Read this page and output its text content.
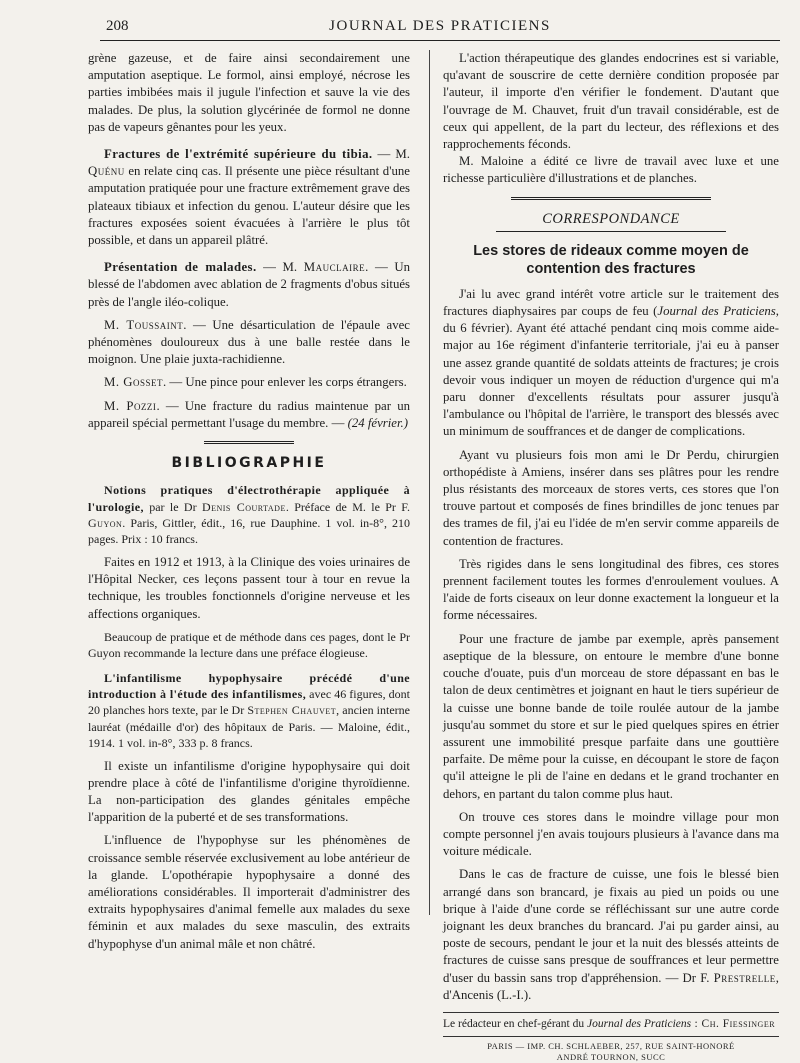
208	JOURNAL DES PRATICIENS

grène gazeuse, et de faire ainsi secondairement une amputation aseptique. Le formol, ainsi employé, nécrose les parties imbibées mais il jugule l'infection et sauve la vie des malades. De plus, la solution glycérinée de formol ne donne pas de vapeurs gênantes pour les yeux.

Fractures de l'extrémité supérieure du tibia. — M. Quénu en relate cinq cas. Il présente une pièce résultant d'une amputation pratiquée pour une fracture extrêmement grave des plateaux tibiaux et infection du genou. L'auteur désire que les fractures exposées soient évacuées à l'arrière le plus tôt possible, et dans un appareil plâtré.

Présentation de malades. — M. Mauclaire. — Un blessé de l'abdomen avec ablation de 2 fragments d'obus situés près de l'angle iléo-colique.

M. Toussaint. — Une désarticulation de l'épaule avec phénomènes douloureux dus à une balle restée dans le moignon. Une plaie juxta-rachidienne.

M. Gosset. — Une pince pour enlever les corps étrangers.

M. Pozzi. — Une fracture du radius maintenue par un appareil spécial permettant l'usage du membre. — (24 février.)

BIBLIOGRAPHIE

Notions pratiques d'électrothérapie appliquée à l'urologie, par le Dr Denis Courtade. Préface de M. le Pr F. Guyon. Paris, Gittler, édit., 16, rue Dauphine. 1 vol. in-8°, 210 pages. Prix : 10 francs.

Faites en 1912 et 1913, à la Clinique des voies urinaires de l'Hôpital Necker, ces leçons passent tour à tour en revue la technique, les troubles fonctionnels d'origine nerveuse et les affections organiques.

Beaucoup de pratique et de méthode dans ces pages, dont le Pr Guyon recommande la lecture dans une préface élogieuse.

L'infantilisme hypophysaire précédé d'une introduction à l'étude des infantilismes, avec 46 figures, dont 20 planches hors texte, par le Dr Stephen Chauvet, ancien interne lauréat (médaille d'or) des hôpitaux de Paris. — Maloine, édit., 1914. 1 vol. in-8°, 333 p. 8 francs.

Il existe un infantilisme d'origine hypophysaire qui doit prendre place à côté de l'infantilisme d'origine thyroïdienne. La non-participation des glandes génitales empêche l'apparition de la puberté et de ses transformations.

L'influence de l'hypophyse sur les phénomènes de croissance semble réservée exclusivement au lobe antérieur de la glande. L'opothérapie hypophysaire a donné des améliorations considérables. Il importerait d'administrer des extraits hypophysaires d'animal femelle aux malades du sexe féminin et aux malades du sexe masculin, des extraits d'hypophyse d'un animal mâle et non châtré.

L'action thérapeutique des glandes endocrines est si variable, qu'avant de souscrire de cette dernière condition proposée par l'auteur, il importe d'en vérifier le fondement. D'autant que l'ouvrage de M. Chauvet, fruit d'un travail considérable, est de ceux qui appellent, de la part du lecteur, des réflexions et des rapprochements féconds.

M. Maloine a édité ce livre de travail avec luxe et une richesse particulière d'illustrations et de planches.

CORRESPONDANCE
Les stores de rideaux comme moyen de contention des fractures

J'ai lu avec grand intérêt votre article sur le traitement des fractures diaphysaires par coups de feu (Journal des Praticiens, du 6 février). Ayant été attaché pendant cinq mois comme aide-major au 16e régiment d'infanterie territoriale, j'ai eu à panser une assez grande quantité de soldats atteints de fractures; je crois devoir vous indiquer un moyen de réduction d'urgence qui m'a paru donner d'excellents résultats pour assurer jusqu'à l'ambulance ou l'hôpital de l'arrière, le transport des blessés avec un minimum de souffrances et de danger de complications.

Ayant vu plusieurs fois mon ami le Dr Perdu, chirurgien orthopédiste à Amiens, insérer dans ses plâtres pour les rendre plus résistants des morceaux de stores verts, ces stores que l'on trouve partout et composés de fines brindilles de jonc tenues par des trames de fil, j'ai eu l'idée de m'en servir comme appareils de contention de fractures.

Très rigides dans le sens longitudinal des fibres, ces stores prennent facilement toutes les formes d'enroulement voulues. A l'aide de forts ciseaux on leur donne exactement la longueur et la forme nécessaires.

Pour une fracture de jambe par exemple, après pansement aseptique de la blessure, on entoure le membre d'une bonne couche d'ouate, puis d'un morceau de store dépassant en bas le talon de deux centimètres et joignant en haut le tiers supérieur de la cuisse une bonne bande de toile roulée autour de la jambe jusqu'au sommet du store et sur le pied quelques spires en étrier assurent une immobilité presque parfaite dans une gouttière parfaite. De même pour la cuisse, en découpant le store de façon qu'il atteigne le pli de l'aine en dedans et le grand trochanter en dehors, en partant du talon comme plus haut.

On trouve ces stores dans le moindre village pour mon compte personnel j'en avais toujours plusieurs à l'avance dans ma voiture médicale.

Dans le cas de fracture de cuisse, une fois le blessé bien arrangé dans son brancard, je fixais au pied un poids ou une brique à l'aide d'une corde se réfléchissant sur une autre corde joignant les deux branches du brancard. J'ai pu garder ainsi, au poste de secours, pendant le jour et la nuit des blessés atteints de fractures de cuisse sans presque de souffrances et leur permettre d'user du bassin sans trop d'appréhension. — Dr F. Prestrelle, d'Ancenis (L.-I.).

Le rédacteur en chef-gérant du Journal des Praticiens : Ch. Fiessinger
PARIS — IMP. CH. SCHLAEBER, 257, RUE SAINT-HONORÉ
ANDRÉ TOURNON, SUCC
